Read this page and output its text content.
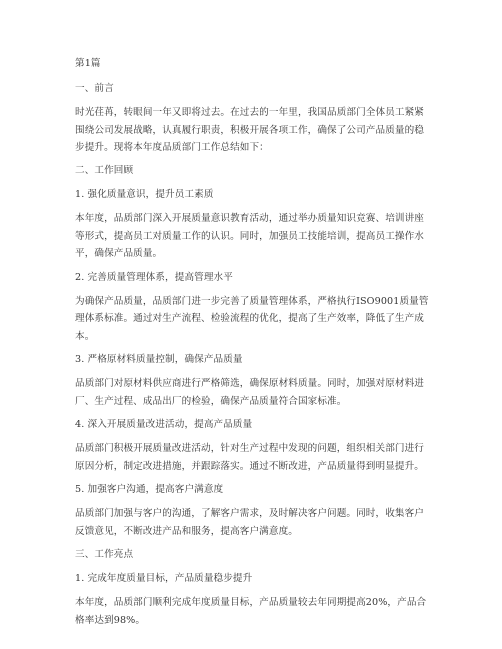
第1篇
一、前言
时光荏苒，转眼间一年又即将过去。在过去的一年里，我国品质部门全体员工紧紧
围绕公司发展战略，认真履行职责，积极开展各项工作，确保了公司产品质量的稳
步提升。现将本年度品质部门工作总结如下：
二、工作回顾
1. 强化质量意识，提升员工素质
本年度，品质部门深入开展质量意识教育活动，通过举办质量知识竞赛、培训讲座
等形式，提高员工对质量工作的认识。同时，加强员工技能培训，提高员工操作水
平，确保产品质量。
2. 完善质量管理体系，提高管理水平
为确保产品质量，品质部门进一步完善了质量管理体系，严格执行ISO9001质量管
理体系标准。通过对生产流程、检验流程的优化，提高了生产效率，降低了生产成
本。
3. 严格原材料质量控制，确保产品质量
品质部门对原材料供应商进行严格筛选，确保原材料质量。同时，加强对原材料进
厂、生产过程、成品出厂的检验，确保产品质量符合国家标准。
4. 深入开展质量改进活动，提高产品质量
品质部门积极开展质量改进活动，针对生产过程中发现的问题，组织相关部门进行
原因分析，制定改进措施，并跟踪落实。通过不断改进，产品质量得到明显提升。
5. 加强客户沟通，提高客户满意度
品质部门加强与客户的沟通，了解客户需求，及时解决客户问题。同时，收集客户
反馈意见，不断改进产品和服务，提高客户满意度。
三、工作亮点
1. 完成年度质量目标，产品质量稳步提升
本年度，品质部门顺利完成年度质量目标，产品质量较去年同期提高20%，产品合
格率达到98%。
